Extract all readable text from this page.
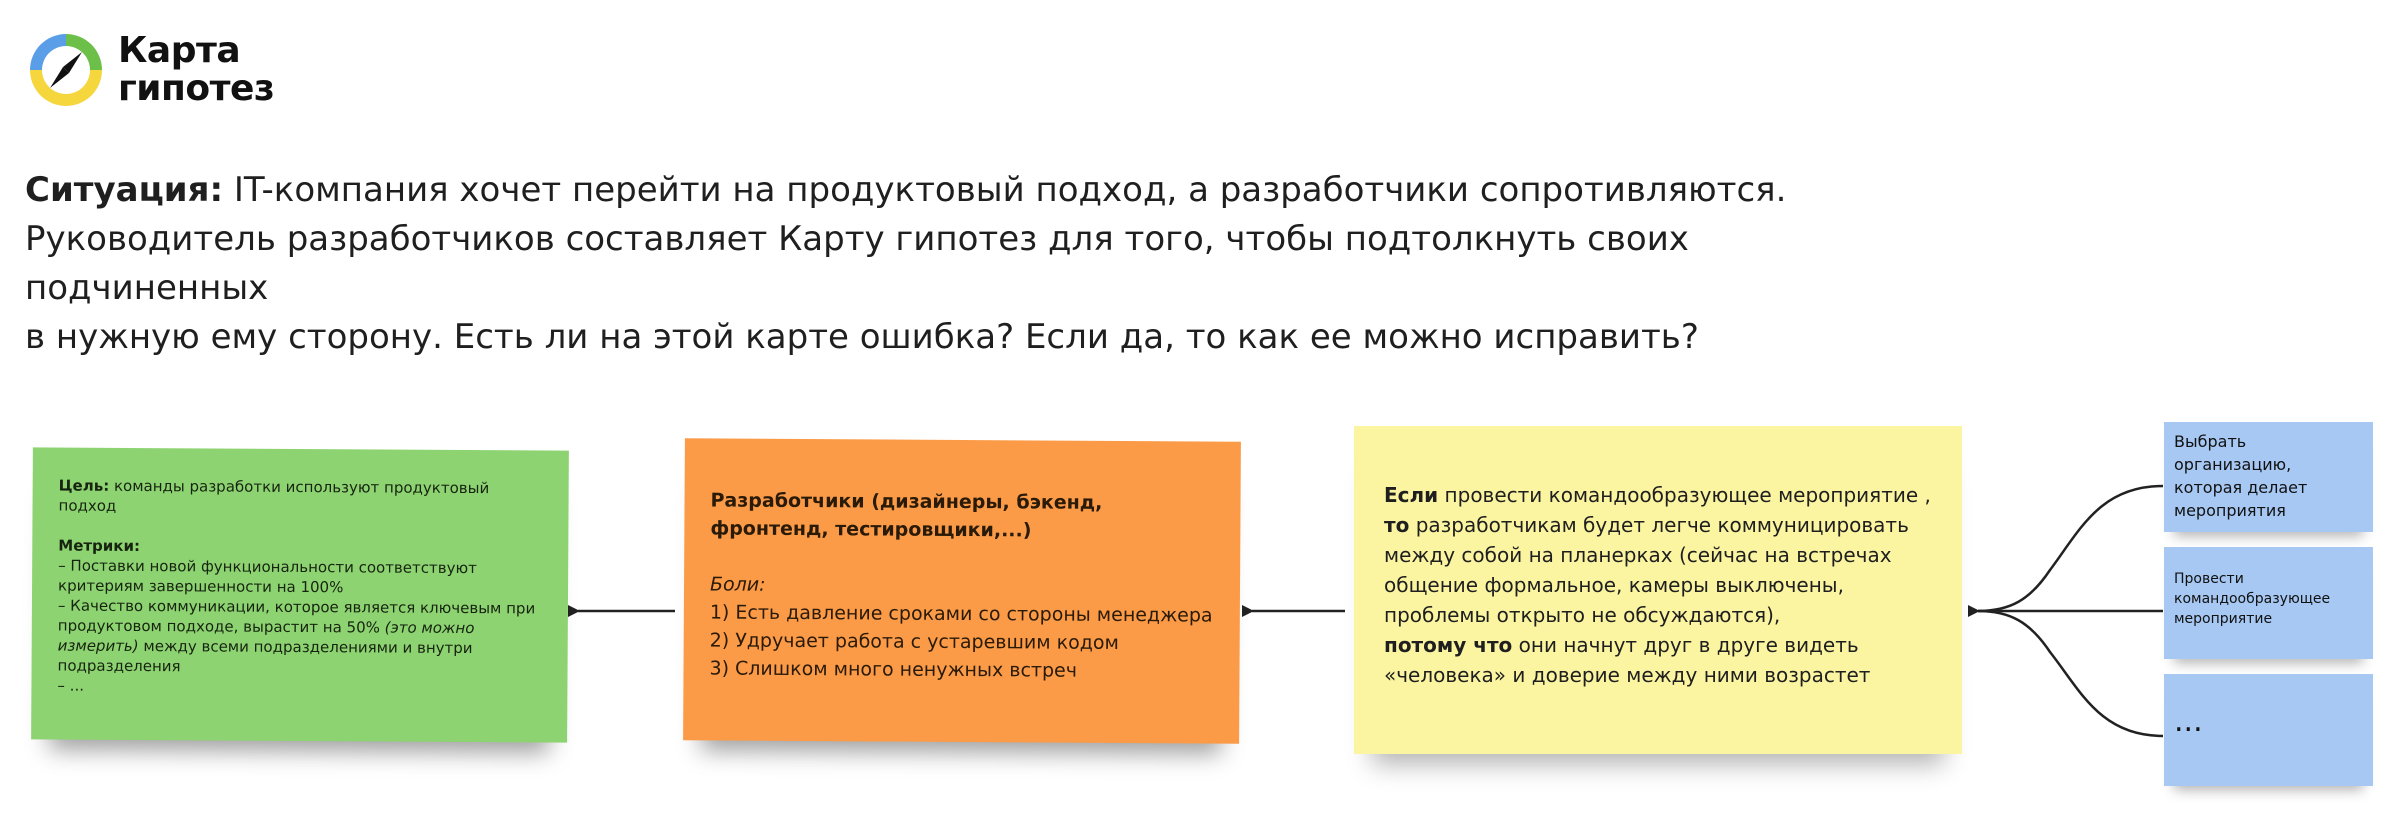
Карта
гипотез
Ситуация: IT-компания хочет перейти на продуктовый подход, а разработчики сопротивляются.
Руководитель разработчиков составляет Карту гипотез для того, чтобы подтолкнуть своих подчиненных
в нужную ему сторону. Есть ли на этой карте ошибка? Если да, то как ее можно исправить?
Цель: команды разработки используют продуктовый подход
Метрики:
– Поставки новой функциональности соответствуют критериям завершенности на 100%
– Качество коммуникации, которое является ключевым при продуктовом подходе, вырастит на 50% (это можно измерить) между всеми подразделениями и внутри подразделения
– ...
Разработчики (дизайнеры, бэкенд, фронтенд, тестировщики,...)
Боли:
1) Есть давление сроками со стороны менеджера
2) Удручает работа с устаревшим кодом
3) Слишком много ненужных встреч
Если провести командообразующее мероприятие ,
то разработчикам будет легче коммуницировать между собой на планерках (сейчас на встречах общение формальное, камеры выключены, проблемы открыто не обсуждаются),
потому что они начнут друг в друге видеть «человека» и доверие между ними возрастет
Выбрать организацию, которая делает мероприятия
Провести командообразующее мероприятие
...
